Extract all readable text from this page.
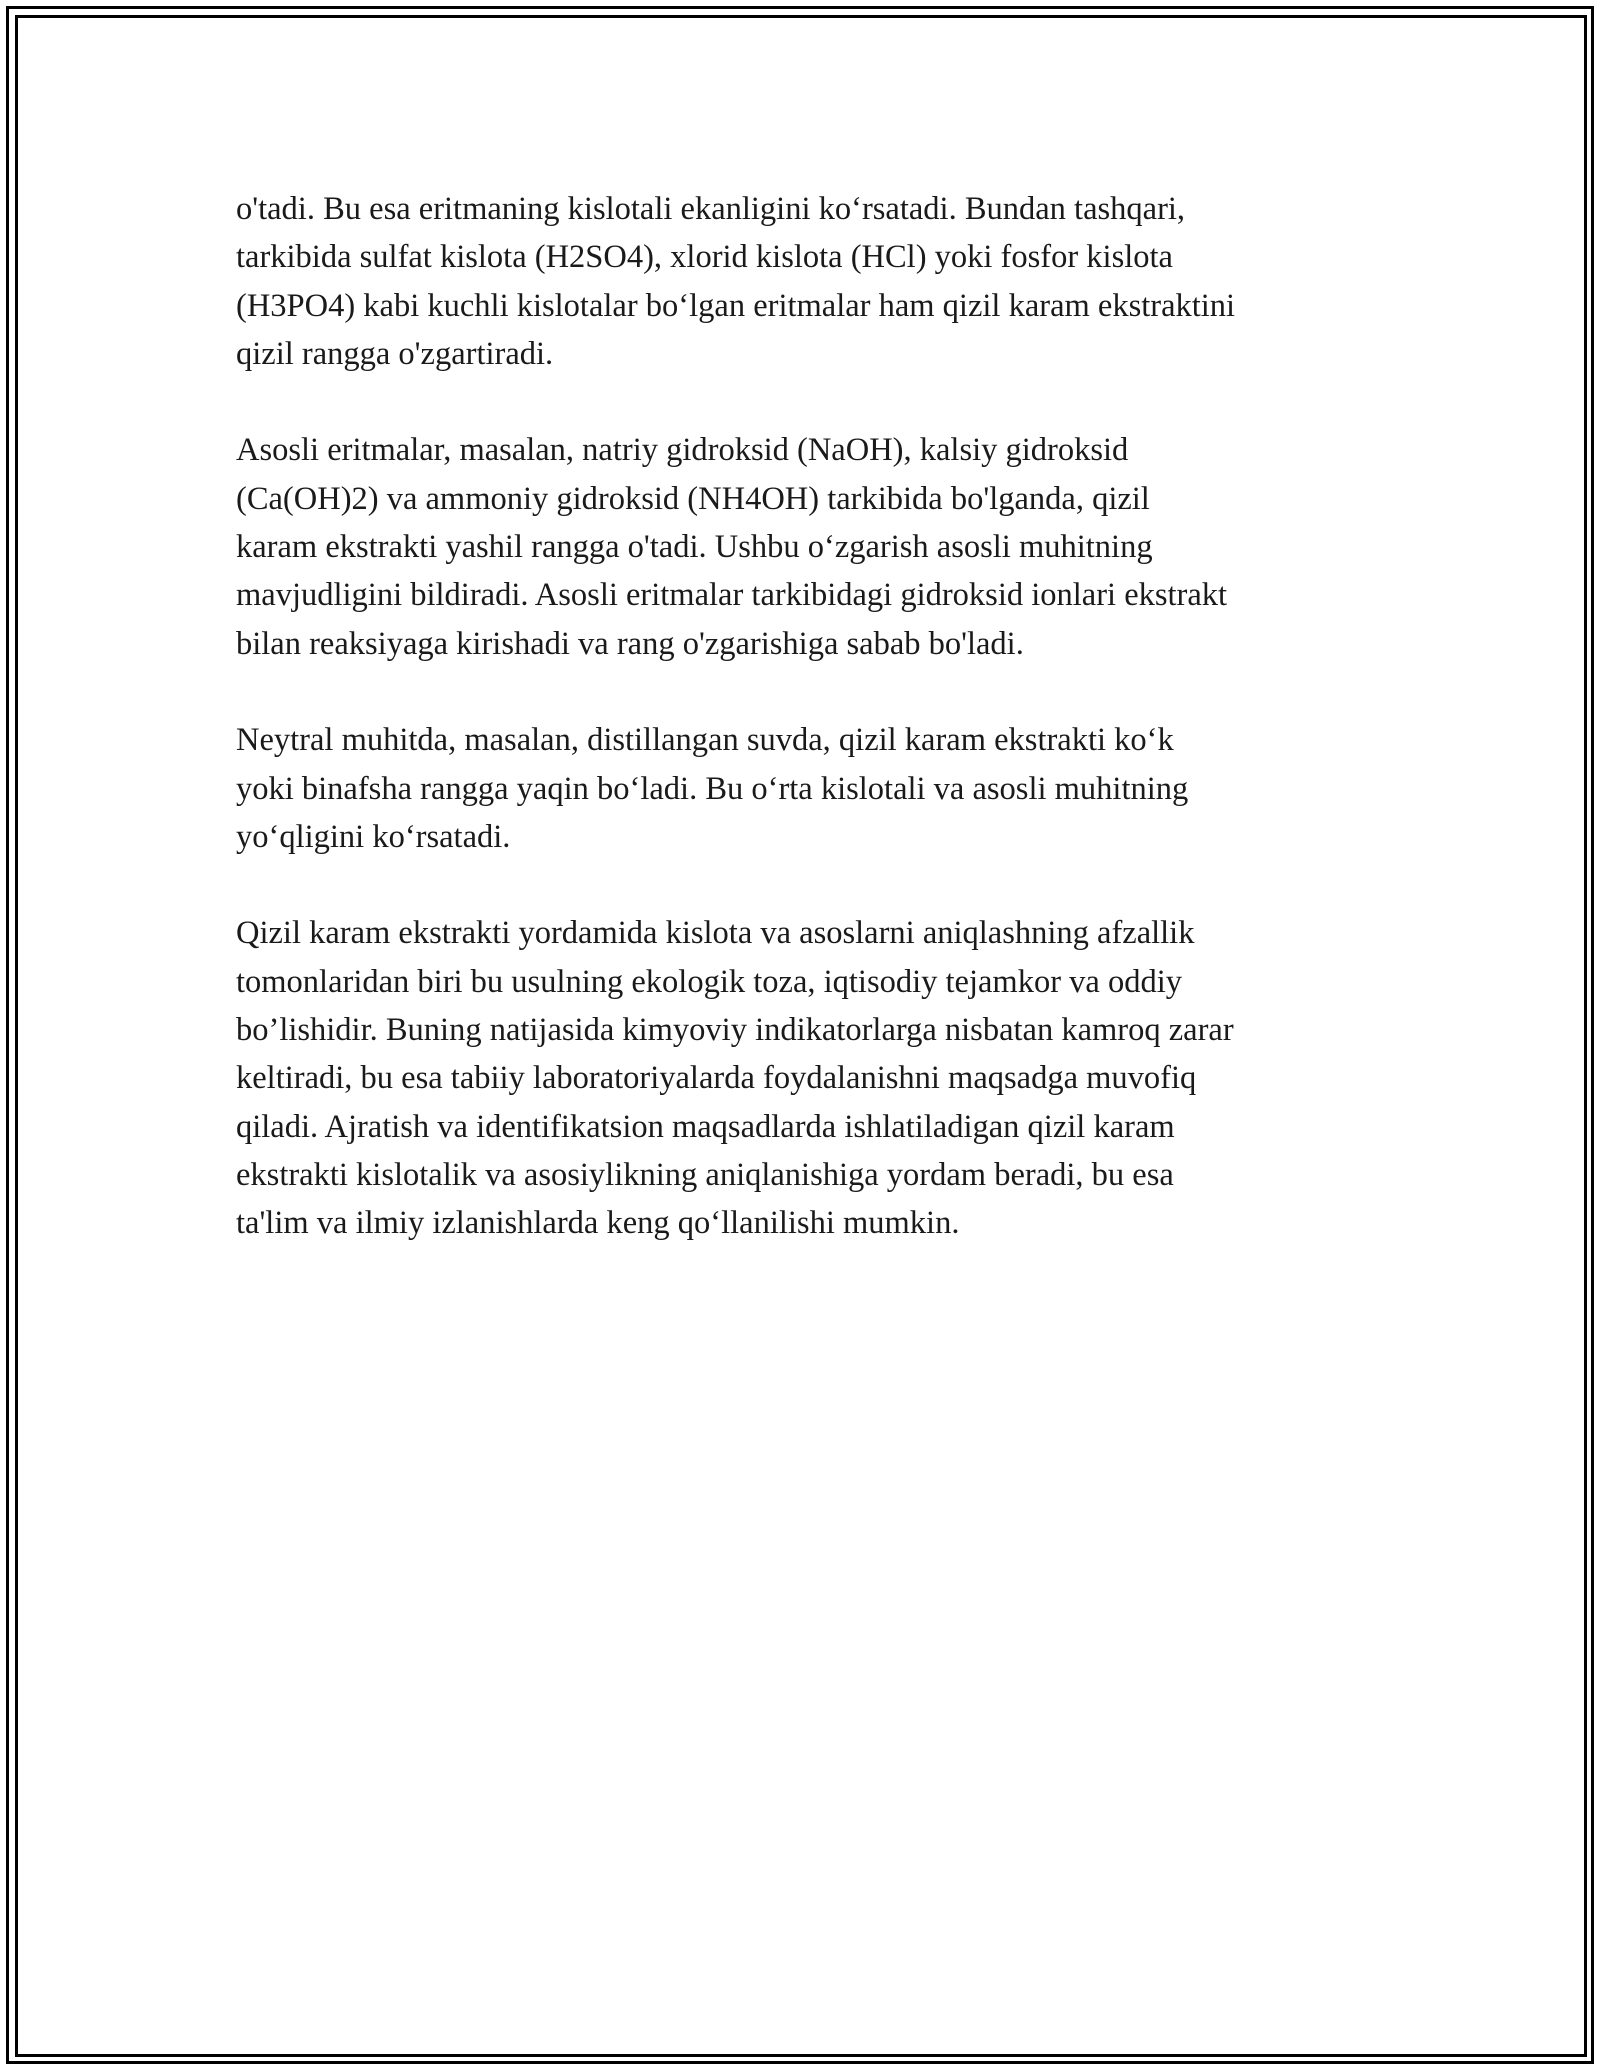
o'tadi. Bu esa eritmaning kislotali ekanligini ko‘rsatadi. Bundan tashqari,
tarkibida sulfat kislota (H2SO4), xlorid kislota (HCl) yoki fosfor kislota
(H3PO4) kabi kuchli kislotalar bo‘lgan eritmalar ham qizil karam ekstraktini
qizil rangga o'zgartiradi.

Asosli eritmalar, masalan, natriy gidroksid (NaOH), kalsiy gidroksid
(Ca(OH)2) va ammoniy gidroksid (NH4OH) tarkibida bo'lganda, qizil
karam ekstrakti yashil rangga o'tadi. Ushbu o‘zgarish asosli muhitning
mavjudligini bildiradi. Asosli eritmalar tarkibidagi gidroksid ionlari ekstrakt
bilan reaksiyaga kirishadi va rang o'zgarishiga sabab bo'ladi.

Neytral muhitda, masalan, distillangan suvda, qizil karam ekstrakti ko‘k
yoki binafsha rangga yaqin bo‘ladi. Bu o‘rta kislotali va asosli muhitning
yo‘qligini ko‘rsatadi.

Qizil karam ekstrakti yordamida kislota va asoslarni aniqlashning afzallik
tomonlaridan biri bu usulning ekologik toza, iqtisodiy tejamkor va oddiy
bo’lishidir. Buning natijasida kimyoviy indikatorlarga nisbatan kamroq zarar
keltiradi, bu esa tabiiy laboratoriyalarda foydalanishni maqsadga muvofiq
qiladi. Ajratish va identifikatsion maqsadlarda ishlatiladigan qizil karam
ekstrakti kislotalik va asosiylikning aniqlanishiga yordam beradi, bu esa
ta'lim va ilmiy izlanishlarda keng qo‘llanilishi mumkin.
